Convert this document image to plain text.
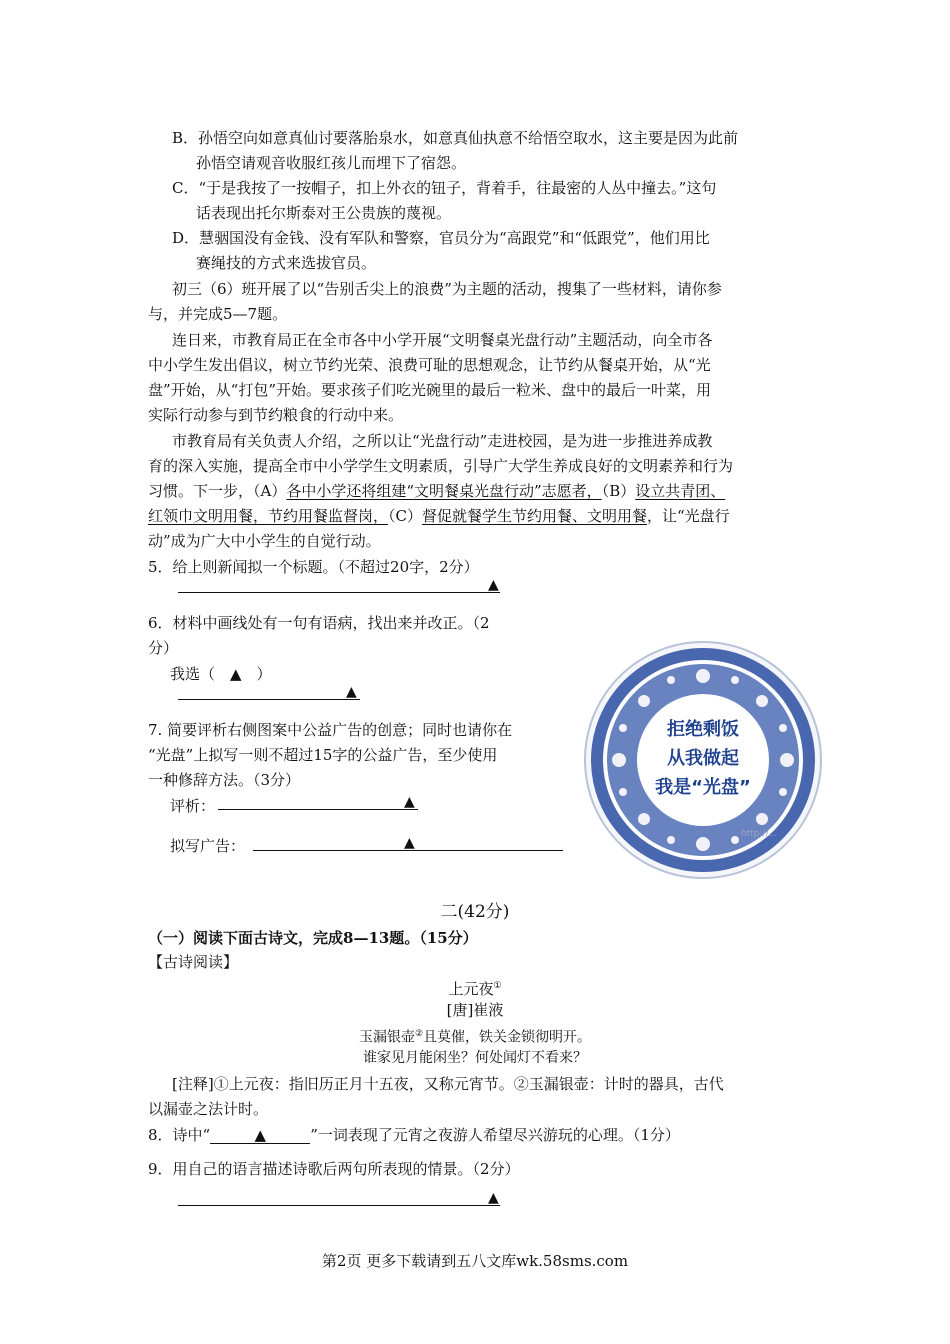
B．孙悟空向如意真仙讨要落胎泉水，如意真仙执意不给悟空取水，这主要是因为此前
孙悟空请观音收服红孩儿而埋下了宿怨。
C．“于是我按了一按帽子，扣上外衣的钮子，背着手，往最密的人丛中撞去。”这句
话表现出托尔斯泰对王公贵族的蔑视。
D．慧骃国没有金钱、没有军队和警察，官员分为“高跟党”和“低跟党”，他们用比
赛绳技的方式来选拔官员。
初三（6）班开展了以“告别舌尖上的浪费”为主题的活动，搜集了一些材料，请你参
与，并完成5—7题。
连日来，市教育局正在全市各中小学开展“文明餐桌光盘行动”主题活动，向全市各
中小学生发出倡议，树立节约光荣、浪费可耻的思想观念，让节约从餐桌开始，从“光
盘”开始，从“打包”开始。要求孩子们吃光碗里的最后一粒米、盘中的最后一叶菜，用
实际行动参与到节约粮食的行动中来。
市教育局有关负责人介绍，之所以让“光盘行动”走进校园，是为进一步推进养成教
育的深入实施，提高全市中小学学生文明素质，引导广大学生养成良好的文明素养和行为
习惯。下一步，（A）各中小学还将组建“文明餐桌光盘行动”志愿者，（B）设立共青团、
红领巾文明用餐，节约用餐监督岗，（C）督促就餐学生节约用餐、文明用餐，让“光盘行
动”成为广大中小学生的自觉行动。
5．给上则新闻拟一个标题。（不超过20字，2分）
▲
6．材料中画线处有一句有语病，找出来并改正。（2
分）
我选（　▲　）
▲
7. 简要评析右侧图案中公益广告的创意；同时也请你在
“光盘”上拟写一则不超过15字的公益广告，至少使用
一种修辞方法。（3分）
评析：	▲
拟写广告：	▲
拒绝剩饭
从我做起
我是“光盘”
http://...
二(42分)
（一）阅读下面古诗文，完成8—13题。（15分）
【古诗阅读】
上元夜①
[唐]崔液
玉漏银壶②且莫催，铁关金锁彻明开。
谁家见月能闲坐？何处闻灯不看来？
[注释]①上元夜：指旧历正月十五夜，又称元宵节。②玉漏银壶：计时的器具，古代
以漏壶之法计时。
8．诗中“	▲	”一词表现了元宵之夜游人希望尽兴游玩的心理。（1分）
9．用自己的语言描述诗歌后两句所表现的情景。（2分）
▲
第2页 更多下载请到五八文库wk.58sms.com
